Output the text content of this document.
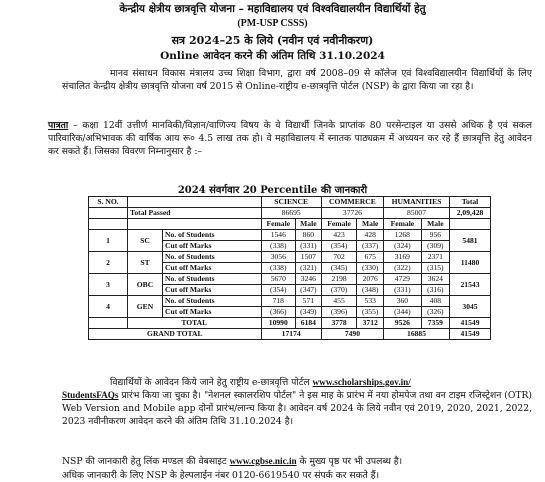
केन्द्रीय क्षेत्रीय छात्रवृत्ति योजना – महाविद्यालय एवं विश्वविद्यालयीन विद्यार्थियों हेतु
(PM-USP CSSS)
सत्र 2024–25 के लिये (नवीन एवं नवीनीकरण)
Online आवेदन करने की अंतिम तिथि 31.10.2024
मानव संसाधन विकास मंत्रालय उच्च शिक्षा विभाग, द्वारा वर्ष 2008–09 से कॉलेज एवं विश्वविद्यालयीन विद्यार्थियों के लिए संचालित केन्द्रीय क्षेत्रीय छात्रवृत्ति योजना वर्ष 2015 से Online-राष्ट्रीय e-छात्रवृत्ति पोर्टल (NSP) के द्वारा किया जा रहा है।
पात्रता – कक्षा 12वीं उत्तीर्ण मानविकी/विज्ञान/वाणिज्य विषय के वे विद्यार्थी जिनके प्राप्तांक 80 परसेन्टाइल या उससे अधिक है एवं सकल पारिवारिक/अभिभावक की वार्षिक आय रू० 4.5 लाख तक हो। वे महाविद्यालय में स्नातक पाठ्यक्रम में अध्ययन कर रहे हैं छात्रवृत्ति हेतु आवेदन कर सकते हैं। जिसका विवरण निम्नानुसार है :–
2024 संवर्गवार 20 Percentile की जानकारी
S. NO.			SCIENCE		COMMERCE		HUMANITIES		Total
	Total Passed		86695		37726		85007		2,09,428
			Female	Male	Female	Male	Female	Male	
1	SC	No. of Students	1546	860	423	428	1268	956	5481
		Cut off Marks	(338)	(331)	(354)	(337)	(324)	(309)	
2	ST	No. of Students	3056	1507	702	675	3169	2371	11480
		Cut off Marks	(338)	(321)	(345)	(330)	(322)	(315)	
3	OBC	No. of Students	5670	3246	2198	2076	4729	3624	21543
		Cut off Marks	(354)	(347)	(370)	(348)	(331)	(316)	
4	GEN	No. of Students	718	571	455	533	360	408	3045
		Cut off Marks	(366)	(349)	(396)	(355)	(344)	(326)	
	TOTAL		10990	6184	3778	3712	9526	7359	41549
GRAND TOTAL			17174		7490		16885		41549
विद्यार्थियों के आवेदन किये जाने हेतु राष्ट्रीय e-छात्रवृत्ति पोर्टल www.scholarships.gov.in/
StudentsFAQs प्रारंभ किया जा चुका है। "नेशनल स्कालरशिप पोर्टल" ने इस माह के प्रारंभ में नया होमपेज तथा वन टाइम रजिस्ट्रेशन (OTR) Web Version and Mobile app दोनों प्रारंभ/लान्च किया है। आवेदन वर्ष 2024 के लिये नवीन एवं 2019, 2020, 2021, 2022, 2023 नवीनीकरण आवेदन करने की अंतिम तिथि 31.10.2024 है।
NSP की जानकारी हेतु लिंक मण्डल की वेबसाइट www.cgbse.nic.in के मुख्य पृष्ठ पर भी उपलब्ध है।
अधिक जानकारी के लिए NSP के हेल्पलाईन नंबर 0120-6619540 पर संपर्क कर सकते हैं।
